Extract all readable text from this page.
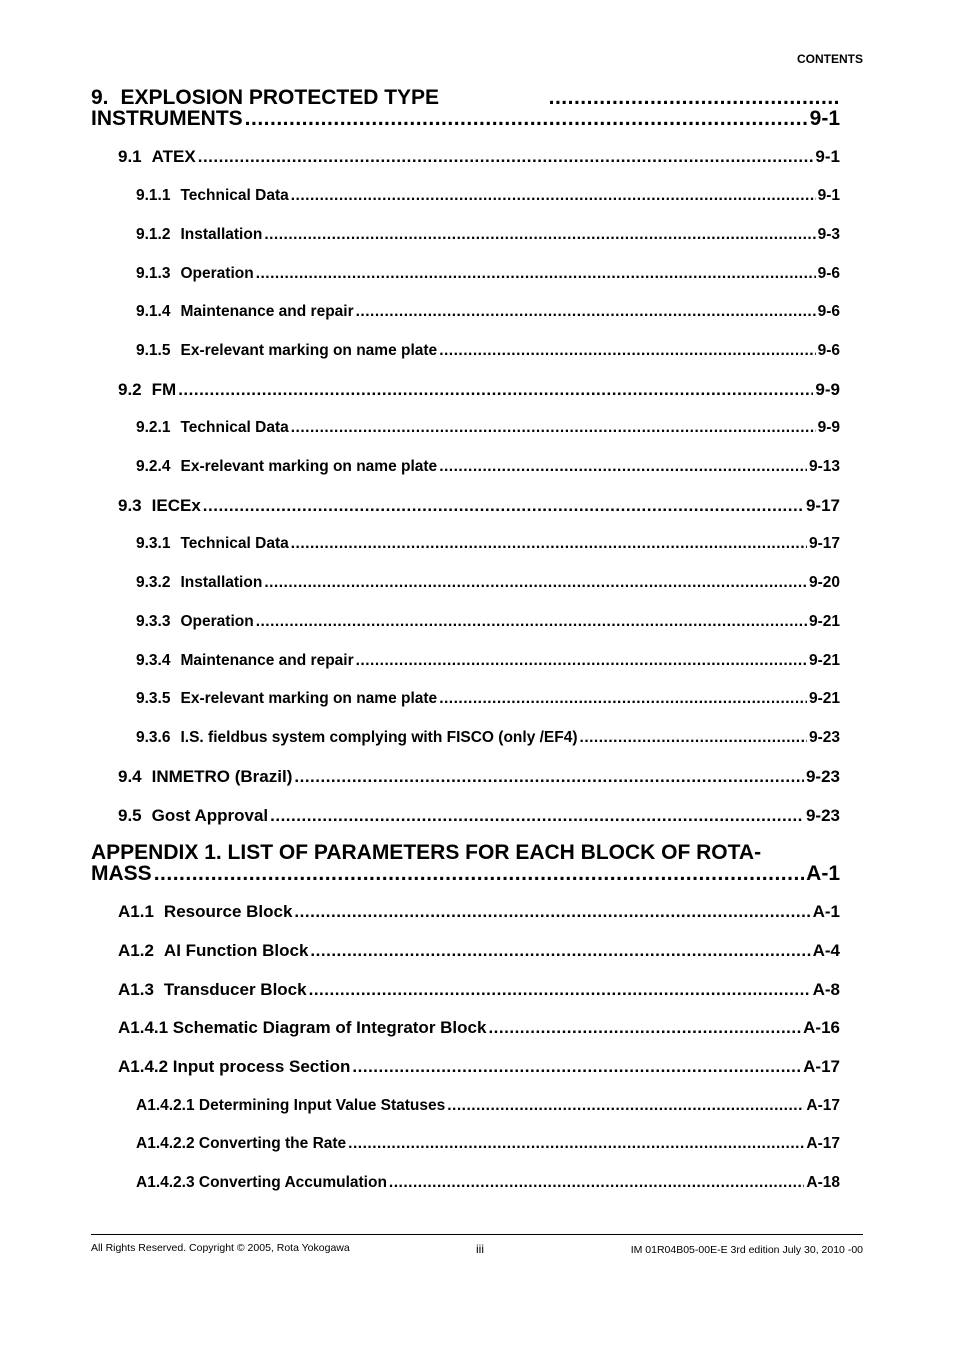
CONTENTS
9. EXPLOSION PROTECTED TYPE	..............................................
INSTRUMENTS .....	9-1
9.1 ATEX .....	9-1
9.1.1 Technical Data .....	9-1
9.1.2 Installation .....	9-3
9.1.3 Operation .....	9-6
9.1.4 Maintenance and repair .....	9-6
9.1.5 Ex-relevant marking on name plate .....	9-6
9.2 FM .....	9-9
9.2.1 Technical Data .....	9-9
9.2.4 Ex-relevant marking on name plate .....	9-13
9.3 IECEx .....	9-17
9.3.1 Technical Data .....	9-17
9.3.2 Installation .....	9-20
9.3.3 Operation .....	9-21
9.3.4 Maintenance and repair .....	9-21
9.3.5 Ex-relevant marking on name plate .....	9-21
9.3.6 I.S. fieldbus system complying with FISCO (only /EF4) .....	9-23
9.4 INMETRO (Brazil) .....	9-23
9.5 Gost Approval .....	9-23
APPENDIX 1. LIST OF PARAMETERS FOR EACH BLOCK OF ROTA-
MASS .....	A-1
A1.1 Resource Block .....	A-1
A1.2 AI Function Block .....	A-4
A1.3 Transducer Block .....	A-8
A1.4.1 Schematic Diagram of Integrator Block .....	A-16
A1.4.2 Input process Section .....	A-17
A1.4.2.1 Determining Input Value Statuses .....	A-17
A1.4.2.2 Converting the Rate .....	A-17
A1.4.2.3 Converting Accumulation .....	A-18
All Rights Reserved. Copyright © 2005, Rota Yokogawa	iii	IM 01R04B05-00E-E 3rd edition July 30, 2010 -00
